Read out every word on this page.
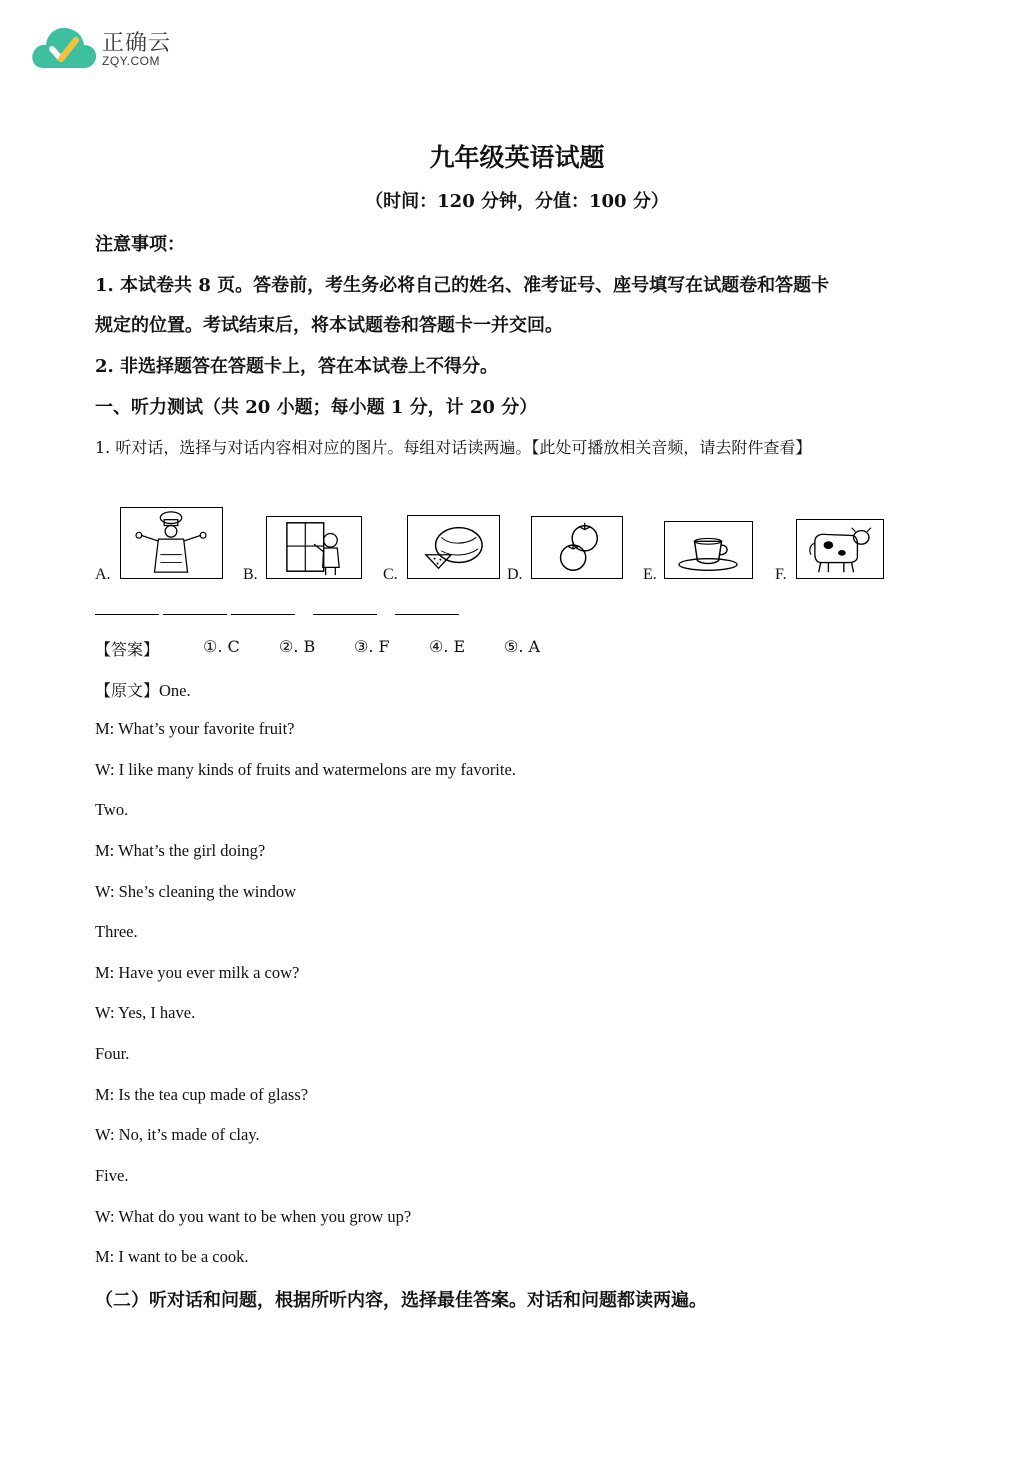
正确云
ZQY.COM
九年级英语试题
（时间：120 分钟，分值：100 分）
注意事项：
1. 本试卷共 8 页。答卷前，考生务必将自己的姓名、准考证号、座号填写在试题卷和答题卡
规定的位置。考试结束后，将本试题卷和答题卡一并交回。
2. 非选择题答在答题卡上，答在本试卷上不得分。
一、听力测试（共 20 小题；每小题 1 分，计 20 分）
1. 听对话，选择与对话内容相对应的图片。每组对话读两遍。【此处可播放相关音频，请去附件查看】
A.	B.	C.	D.	E.	F.
【答案】	①. C ②. B ③. F ④. E ⑤. A
【原文】One.
M: What’s your favorite fruit?
W: I like many kinds of fruits and watermelons are my favorite.
Two.
M: What’s the girl doing?
W: She’s cleaning the window
Three.
M: Have you ever milk a cow?
W: Yes, I have.
Four.
M: Is the tea cup made of glass?
W: No, it’s made of clay.
Five.
W: What do you want to be when you grow up?
M: I want to be a cook.
（二）听对话和问题，根据所听内容，选择最佳答案。对话和问题都读两遍。
